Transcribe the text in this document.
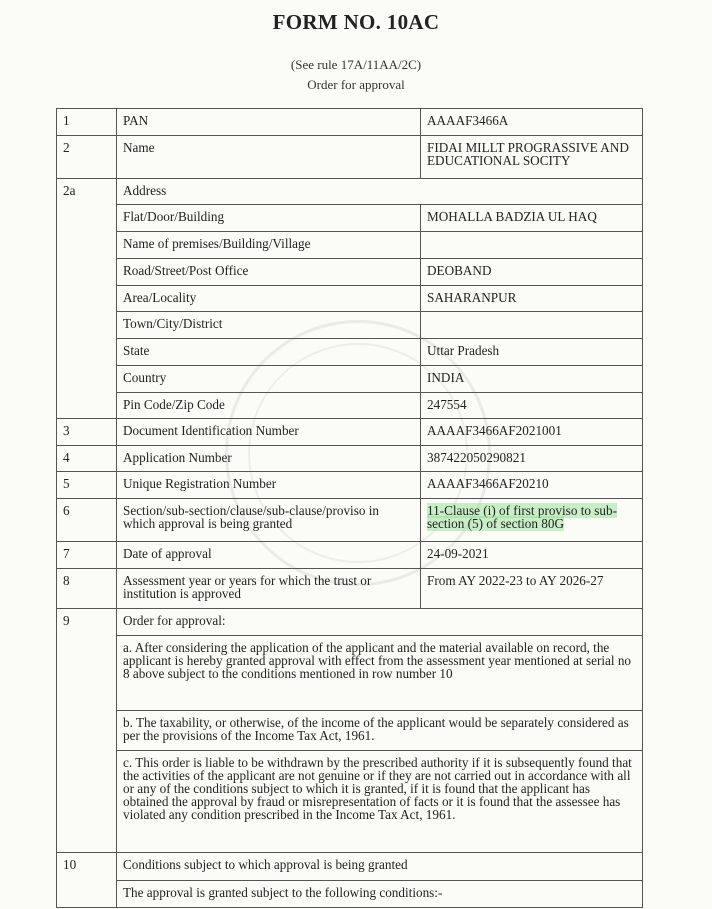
FORM NO. 10AC
(See rule 17A/11AA/2C)
Order for approval
1	PAN	AAAAF3466A
2	Name	FIDAI MILLT PROGRASSIVE AND EDUCATIONAL SOCITY
2a	Address	
	Flat/Door/Building	MOHALLA BADZIA UL HAQ
	Name of premises/Building/Village	
	Road/Street/Post Office	DEOBAND
	Area/Locality	SAHARANPUR
	Town/City/District	
	State	Uttar Pradesh
	Country	INDIA
	Pin Code/Zip Code	247554
3	Document Identification Number	AAAAF3466AF2021001
4	Application Number	387422050290821
5	Unique Registration Number	AAAAF3466AF20210
6	Section/sub-section/clause/sub-clause/proviso in which approval is being granted	11-Clause (i) of first proviso to sub-section (5) of section 80G
7	Date of approval	24-09-2021
8	Assessment year or years for which the trust or institution is approved	From AY 2022-23 to AY 2026-27
9	Order for approval:	
	a. After considering the application of the applicant and the material available on record, the applicant is hereby granted approval with effect from the assessment year mentioned at serial no 8 above subject to the conditions mentioned in row number 10	
	b. The taxability, or otherwise, of the income of the applicant would be separately considered as per the provisions of the Income Tax Act, 1961.	
	c. This order is liable to be withdrawn by the prescribed authority if it is subsequently found that the activities of the applicant are not genuine or if they are not carried out in accordance with all or any of the conditions subject to which it is granted, if it is found that the applicant has obtained the approval by fraud or misrepresentation of facts or it is found that the assessee has violated any condition prescribed in the Income Tax Act, 1961.	
10	Conditions subject to which approval is being granted	
	The approval is granted subject to the following conditions:-	
